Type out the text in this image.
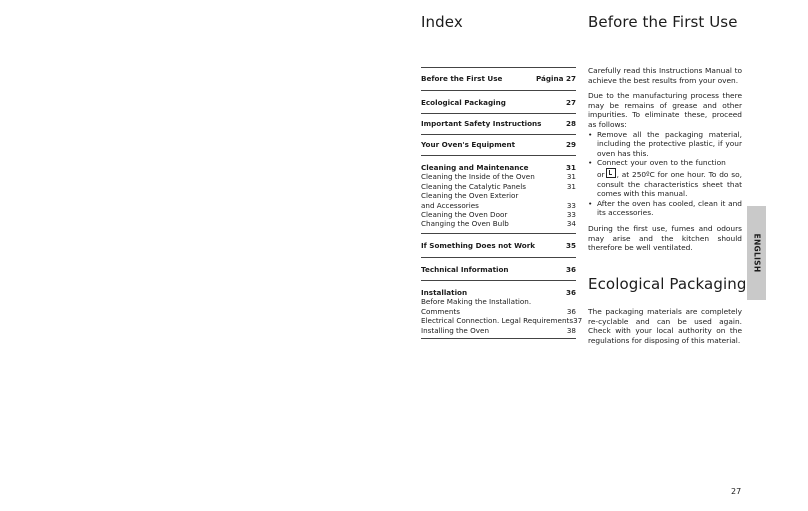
Index	Before the First Use
Before the First Use	Página 27
Ecological Packaging	27
Important Safety Instructions	28
Your Oven's Equipment	29
Cleaning and Maintenance	31
Cleaning the Inside of the Oven	31
Cleaning the Catalytic Panels	31
Cleaning the Oven Exterior
and Accessories	33
Cleaning the Oven Door	33
Changing the Oven Bulb	34
If Something Does not Work	35
Technical Information	36
Installation	36
Before Making the Installation.
Comments	36
Electrical Connection. Legal Requirements 37
Installing the Oven	38

Carefully read this Instructions Manual to achieve the best results from your oven.

Due to the manufacturing process there may be remains of grease and other impurities. To eliminate these, proceed as follows:

• Remove all the packaging material, including the protective plastic, if your oven has this.
• Connect your oven to the function       or , at 250ºC for one hour. To do so, consult the characteristics sheet that comes with this manual.
• After the oven has cooled, clean it and its accessories.

During the first use, fumes and odours may arise and the kitchen should therefore be well ventilated.

Ecological Packaging

The packaging materials are completely re-cyclable and can be used again. Check with your local authority on the regulations for disposing of this material.

ENGLISH
27
